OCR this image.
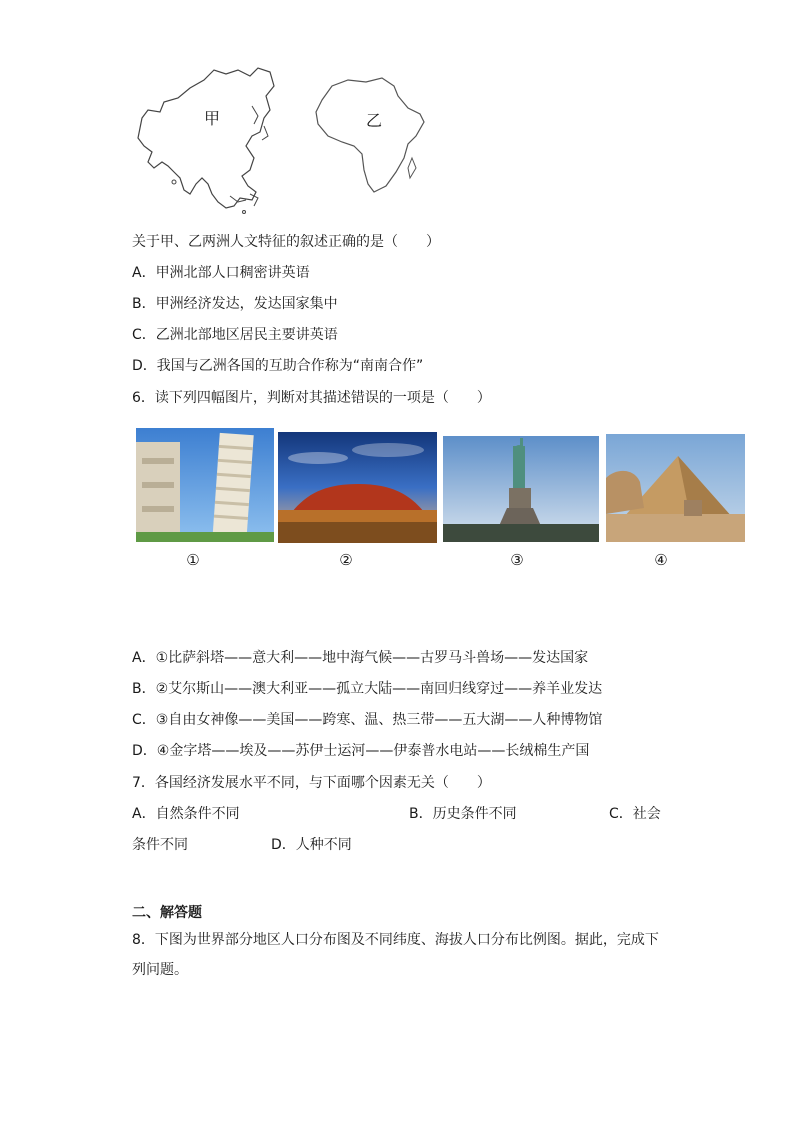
甲	乙
关于甲、乙两洲人文特征的叙述正确的是（　　）
A．甲洲北部人口稠密讲英语
B．甲洲经济发达，发达国家集中
C．乙洲北部地区居民主要讲英语
D．我国与乙洲各国的互助合作称为“南南合作”
6．读下列四幅图片，判断对其描述错误的一项是（　　）
①	②	③	④
A．①比萨斜塔——意大利——地中海气候——古罗马斗兽场——发达国家
B．②艾尔斯山——澳大利亚——孤立大陆——南回归线穿过——养羊业发达
C．③自由女神像——美国——跨寒、温、热三带——五大湖——人种博物馆
D．④金字塔——埃及——苏伊士运河——伊泰普水电站——长绒棉生产国
7．各国经济发展水平不同，与下面哪个因素无关（　　）
A．自然条件不同	B．历史条件不同	C．社会
条件不同	D．人种不同
二、解答题
8．下图为世界部分地区人口分布图及不同纬度、海拔人口分布比例图。据此，完成下
列问题。
